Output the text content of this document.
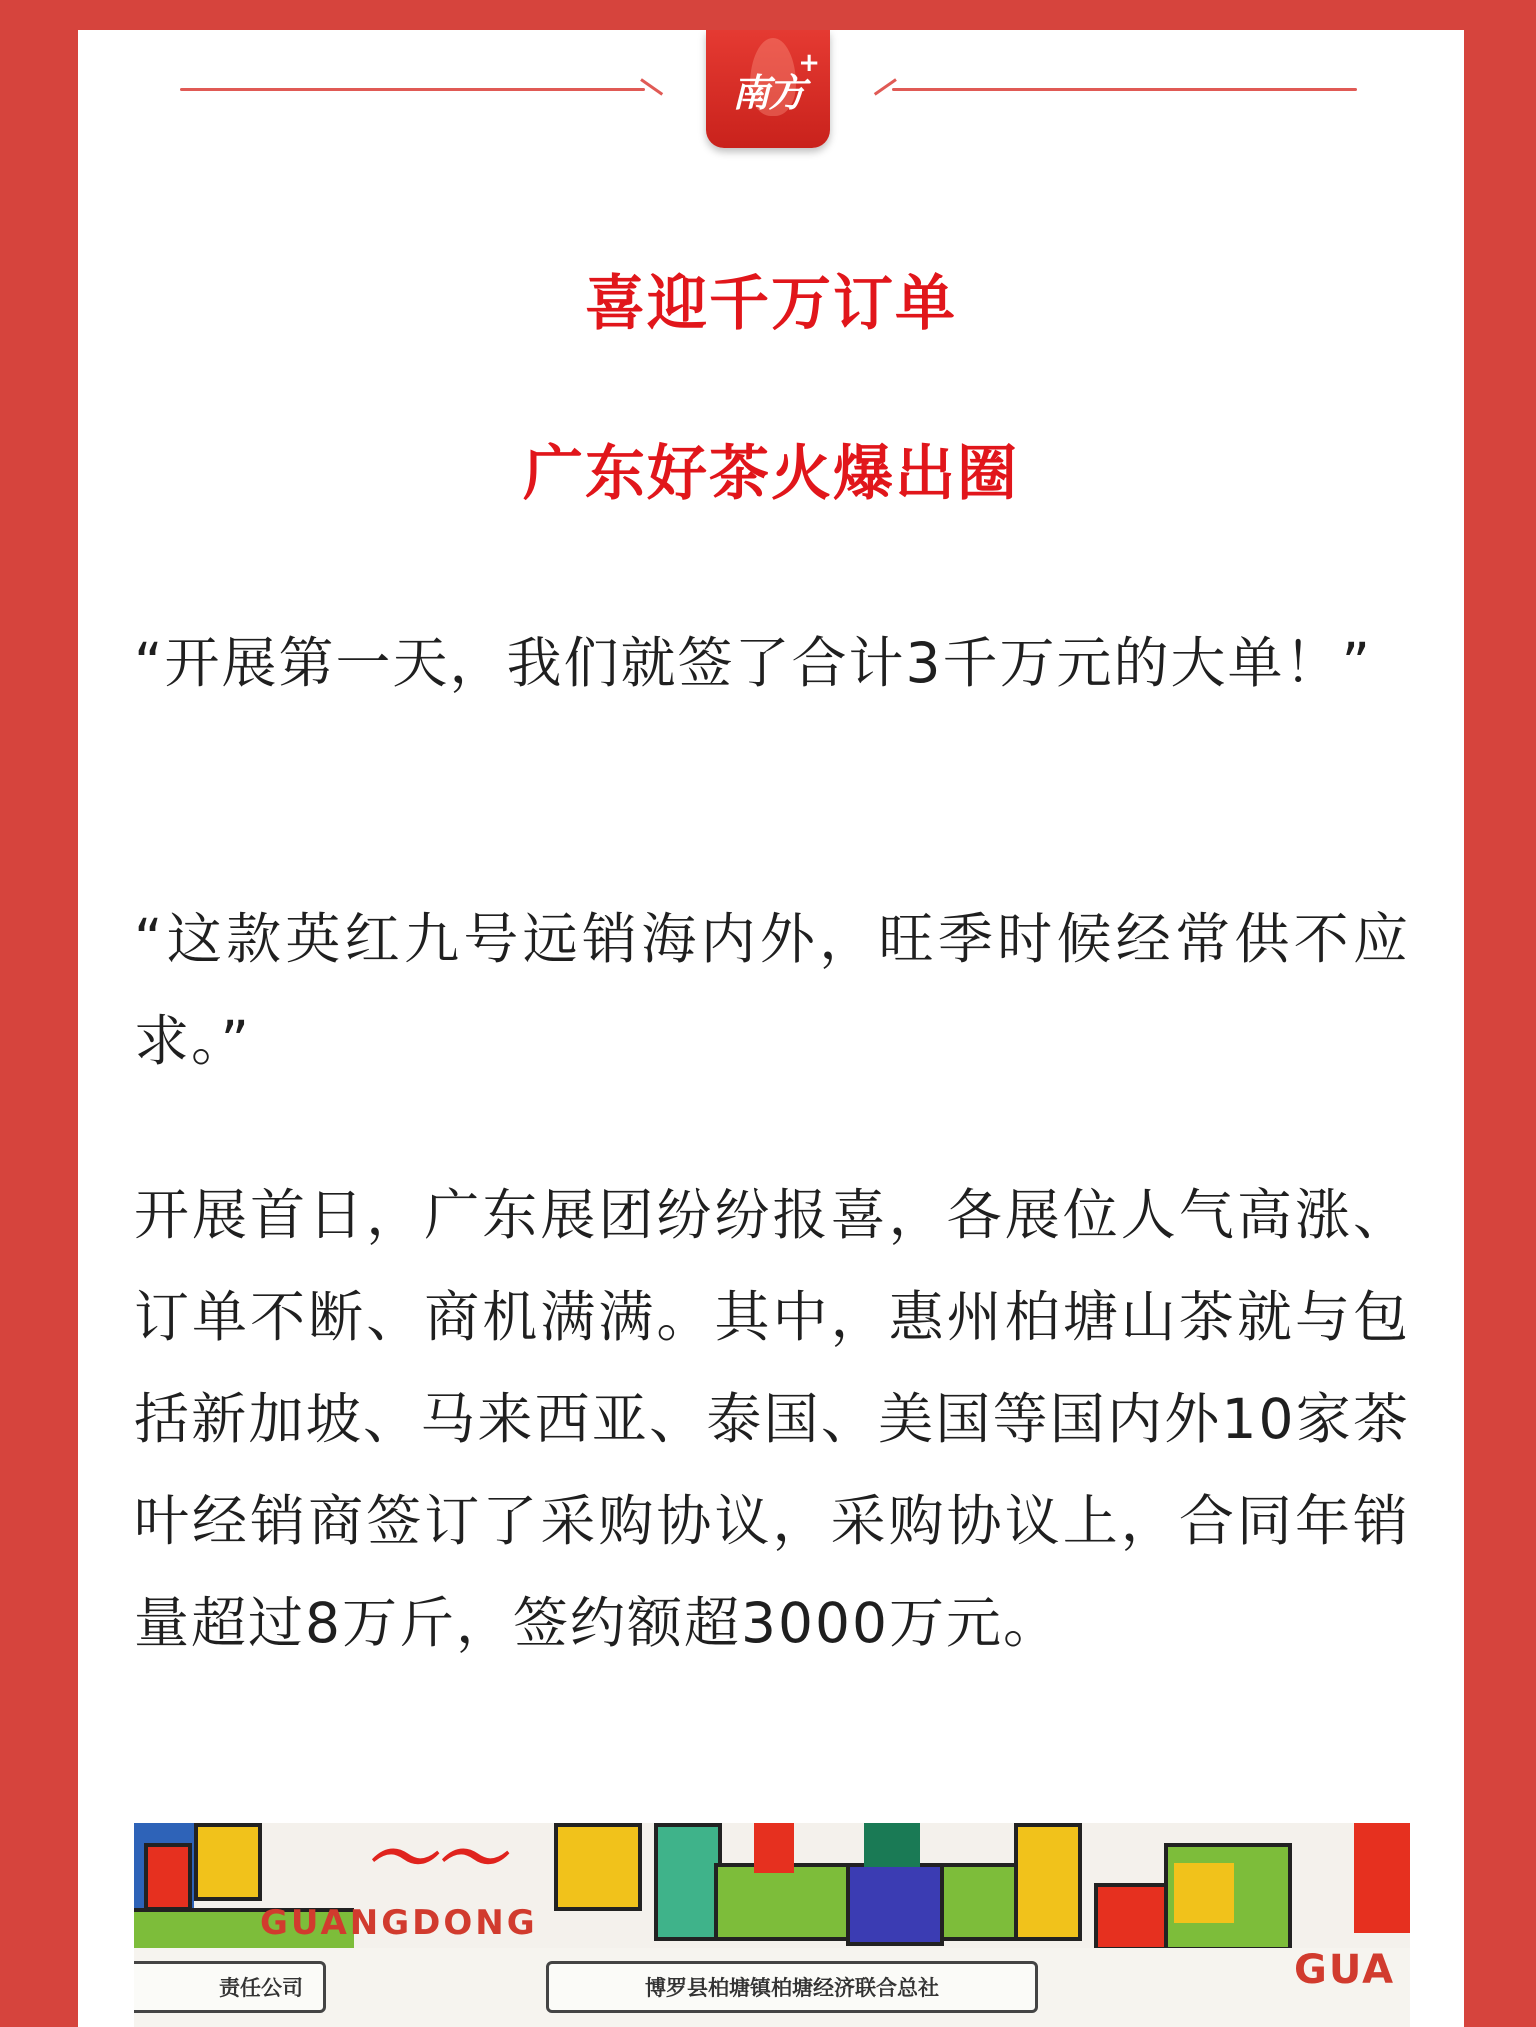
南方
+
喜迎千万订单
广东好茶火爆出圈

“开展第一天，我们就签了合计3千万元的大单！”

“这款英红九号远销海内外，旺季时候经常供不应求。”

开展首日，广东展团纷纷报喜，各展位人气高涨、订单不断、商机满满。其中，惠州柏塘山茶就与包括新加坡、马来西亚、泰国、美国等国内外10家茶叶经销商签订了采购协议，采购协议上，合同年销量超过8万斤，签约额超3000万元。

〜〜
GUANGDONG
GUA
责任公司	博罗县柏塘镇柏塘经济联合总社
